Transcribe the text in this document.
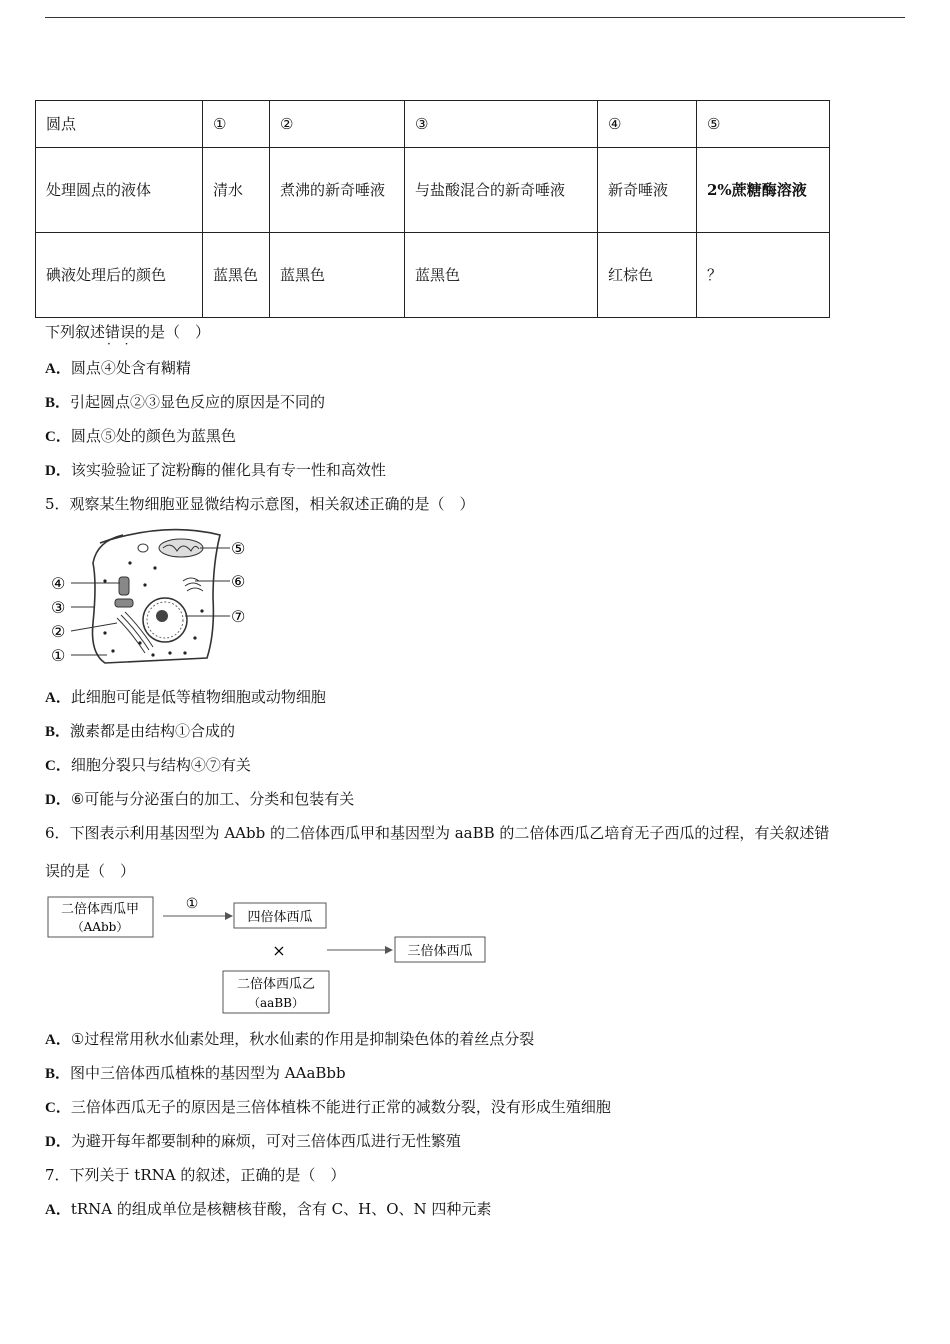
圆点	①	②	③	④	⑤
处理圆点的液体	清水	煮沸的新奇唾液	与盐酸混合的新奇唾液	新奇唾液	2%蔗糖酶溶液
碘液处理后的颜色	蓝黑色	蓝黑色	蓝黑色	红棕色	？
下列叙述错误 · ·的是（　）
A．圆点④处含有糊精
B．引起圆点②③显色反应的原因是不同的
C．圆点⑤处的颜色为蓝黑色
D．该实验验证了淀粉酶的催化具有专一性和高效性
5．观察某生物细胞亚显微结构示意图，相关叙述正确的是（　）
④
③
②
①
⑤
⑥
⑦
A．此细胞可能是低等植物细胞或动物细胞
B．激素都是由结构①合成的
C．细胞分裂只与结构④⑦有关
D．⑥可能与分泌蛋白的加工、分类和包装有关
6．下图表示利用基因型为 AAbb 的二倍体西瓜甲和基因型为 aaBB 的二倍体西瓜乙培育无子西瓜的过程，有关叙述错
误的是（　）
二倍体西瓜甲
（AAbb）
①
四倍体西瓜
×	三倍体西瓜
二倍体西瓜乙
（aaBB）
A．①过程常用秋水仙素处理，秋水仙素的作用是抑制染色体的着丝点分裂
B．图中三倍体西瓜植株的基因型为 AAaBbb
C．三倍体西瓜无子的原因是三倍体植株不能进行正常的减数分裂，没有形成生殖细胞
D．为避开每年都要制种的麻烦，可对三倍体西瓜进行无性繁殖
7．下列关于 tRNA 的叙述，正确的是（　）
A．tRNA 的组成单位是核糖核苷酸，含有 C、H、O、N 四种元素
